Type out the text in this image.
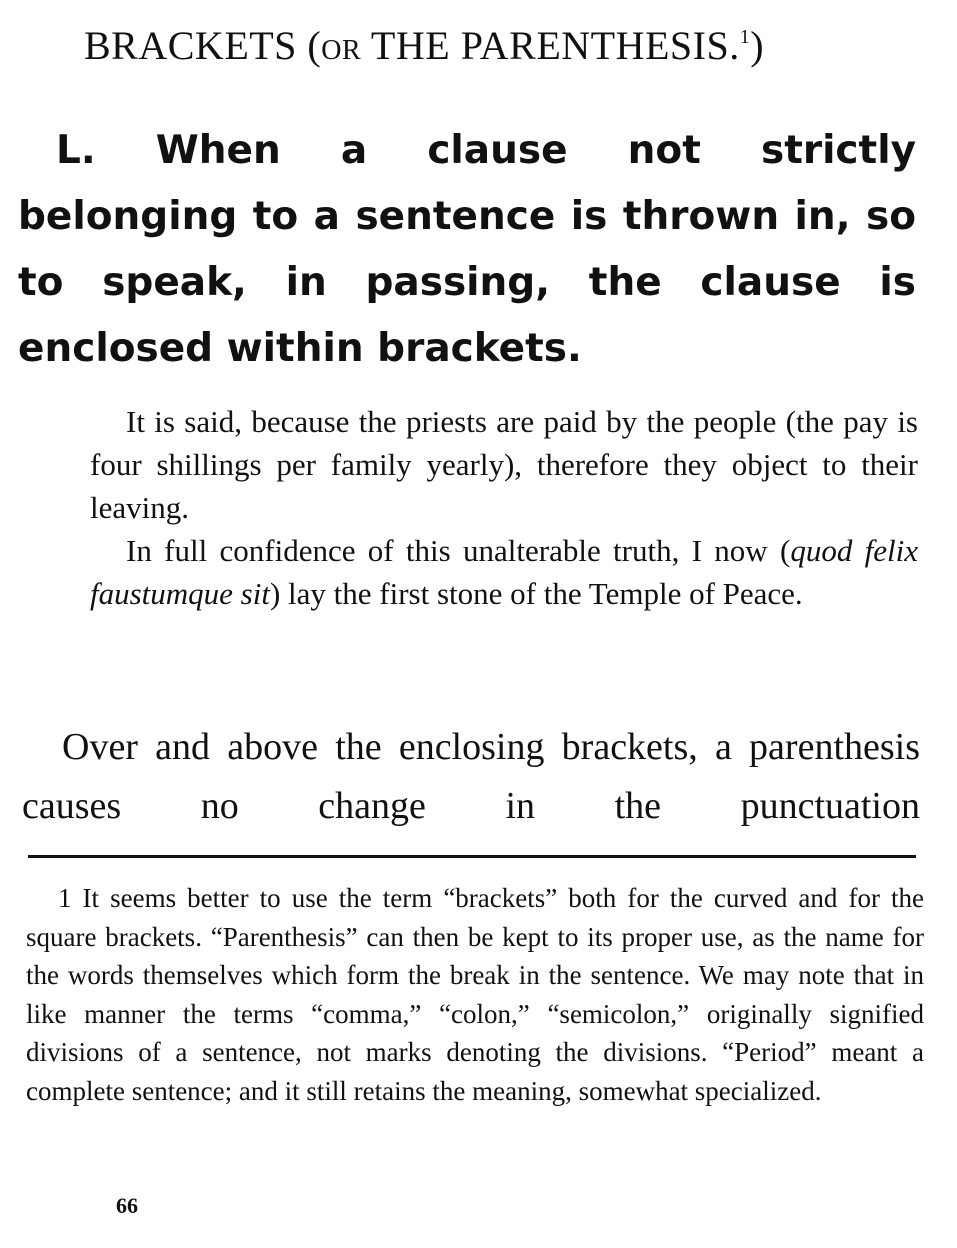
BRACKETS (OR THE PARENTHESIS.$^1$)
L. When a clause not strictly belonging to a sentence is thrown in, so to speak, in passing, the clause is enclosed within brackets.

It is said, because the priests are paid by the people (the pay is four shillings per family yearly), therefore they object to their leaving.

In full confidence of this unalterable truth, I now (quod felix faustumque sit) lay the first stone of the Temple of Peace.

Over and above the enclosing brackets, a parenthesis causes no change in the punctuation
1 It seems better to use the term “brackets” both for the curved and for the square brackets. “Parenthesis” can then be kept to its proper use, as the name for the words themselves which form the break in the sentence. We may note that in like manner the terms “comma,” “colon,” “semicolon,” originally signified divisions of a sentence, not marks denoting the divisions. “Period” meant a complete sentence; and it still retains the meaning, somewhat specialized.
66
